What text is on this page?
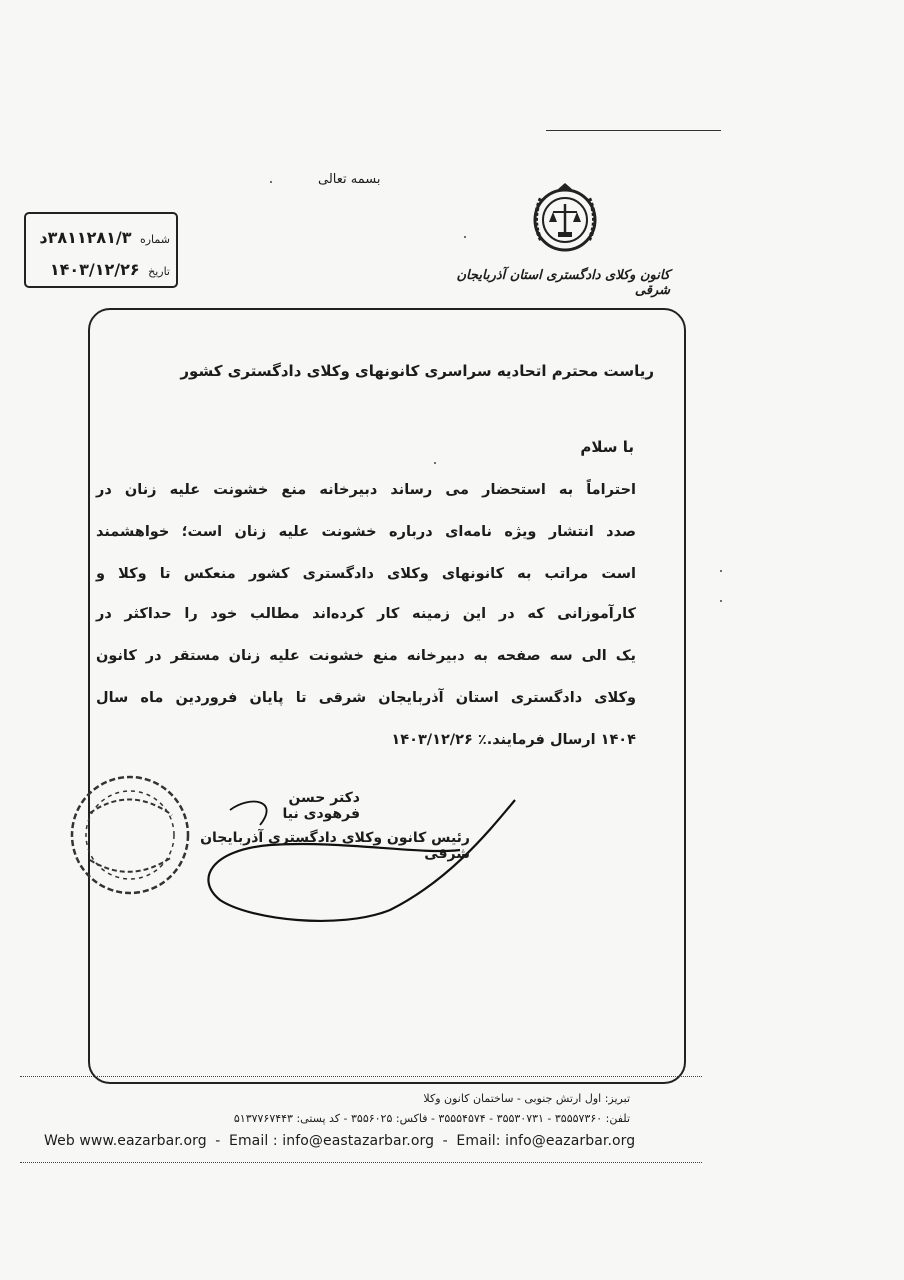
بسمه تعالی
کانون وکلای دادگستری استان آذربایجان شرقی
شماره ۳۸۱۱۲۸۱/۳د
تاریخ ۱۴۰۳/۱۲/۲۶
ریاست محترم اتحادیه سراسری کانونهای وکلای دادگستری کشور
با سلام
احتراماً به استحضار می رساند دبیرخانه منع خشونت علیه زنان در
صدد انتشار ویژه نامه‌ای درباره خشونت علیه زنان است؛ خواهشمند
است مراتب به کانونهای وکلای دادگستری کشور منعکس تا وکلا و
کارآموزانی که در این زمینه کار کرده‌اند مطالب خود را حداکثر در
یک الی سه صفحه به دبیرخانه منع خشونت علیه زنان مستقر در کانون
وکلای دادگستری استان آذربایجان شرقی تا پایان فروردین ماه سال
۱۴۰۴ ارسال فرمایند.٪ ۱۴۰۳/۱۲/۲۶
دکتر حسن فرهودی نیا
رئیس کانون وکلای دادگستری آذربایجان شرقی
تبریز: اول ارتش جنوبی - ساختمان کانون وکلا
تلفن: ۳۵۵۵۷۳۶۰ - ۳۵۵۳۰۷۳۱ - ۳۵۵۵۴۵۷۴ - فاکس: ۳۵۵۶۰۲۵ - کد پستی: ۵۱۳۷۷۶۷۴۴۳
Web www.eazarbar.org - Email : info@eastazarbar.org - Email: info@eazarbar.org
